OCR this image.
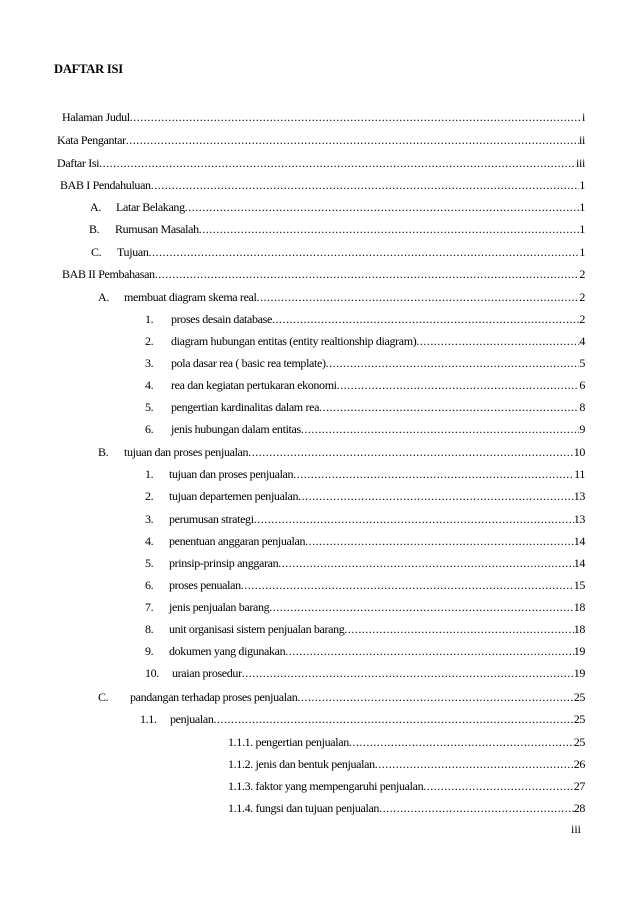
DAFTAR ISI
Halaman Judul .....	i
Kata Pengantar .....	ii
Daftar Isi .....	iii
BAB I Pendahuluan .....	1
A.	Latar Belakang .....	1
B.	Rumusan Masalah .....	1
C.	Tujuan .....	1
BAB II Pembahasan .....	2
A.	membuat diagram skema real .....	2
1.	proses desain database .....	2
2.	diagram hubungan entitas (entity realtionship diagram) .....	4
3.	pola dasar rea ( basic rea template) .....	5
4.	rea dan kegiatan pertukaran ekonomi .....	6
5.	pengertian kardinalitas dalam rea .....	8
6.	jenis hubungan dalam entitas .....	9
B.	tujuan dan proses penjualan .....	10
1.	tujuan dan proses penjualan .....	11
2.	tujuan departemen penjualan .....	13
3.	perumusan strategi .....	13
4.	penentuan anggaran penjualan .....	14
5.	prinsip-prinsip anggaran .....	14
6.	proses penualan .....	15
7.	jenis penjualan barang .....	18
8.	unit organisasi sistem penjualan barang .....	18
9.	dokumen yang digunakan .....	19
10.	uraian prosedur .....	19
C.	pandangan terhadap proses penjualan .....	25
1.1.	penjualan .....	25
1.1.1. pengertian penjualan .....	25
1.1.2. jenis dan bentuk penjualan .....	26
1.1.3. faktor yang mempengaruhi penjualan .....	27
1.1.4. fungsi dan tujuan penjualan .....	28
iii
